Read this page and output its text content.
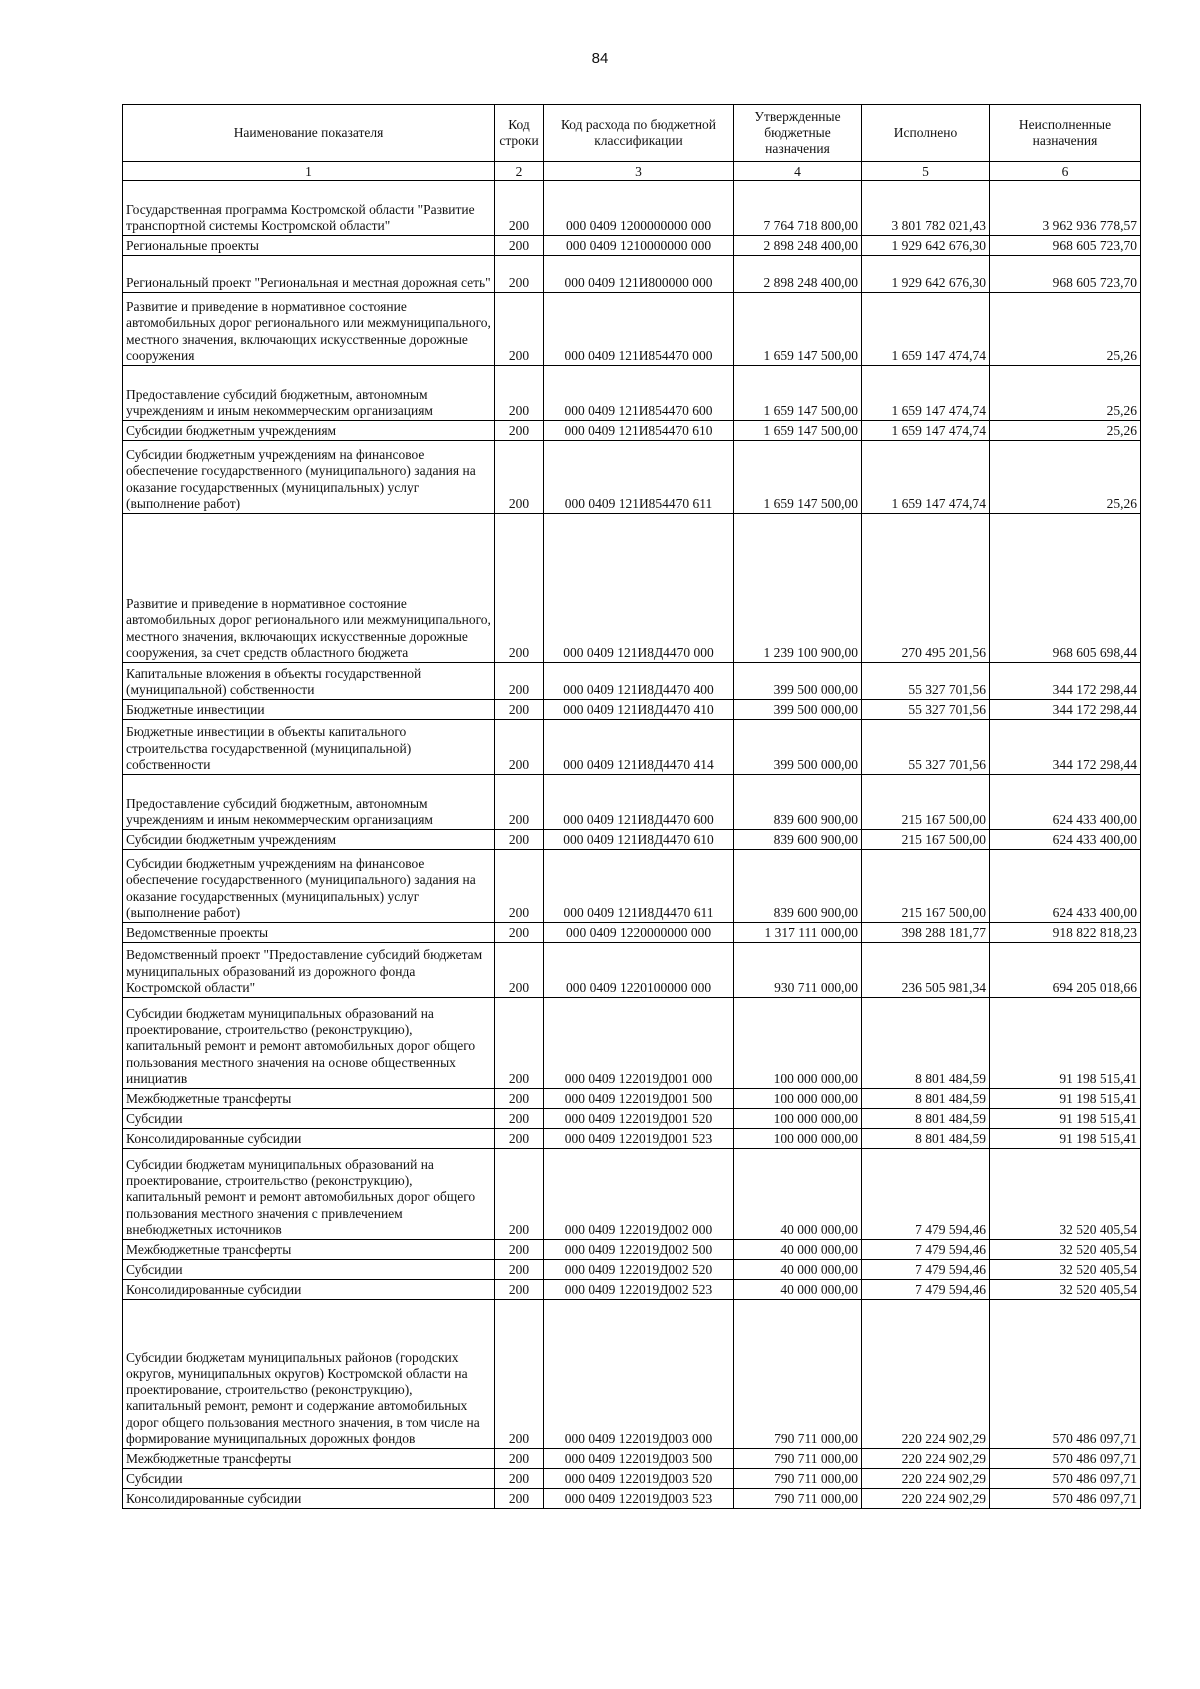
84
Наименование показателя	Код строки	Код расхода по бюджетной классификации	Утвержденные бюджетные назначения	Исполнено	Неисполненные назначения
1	2	3	4	5	6
Государственная программа Костромской области "Развитие транспортной системы Костромской области"	200	000 0409 1200000000 000	7 764 718 800,00	3 801 782 021,43	3 962 936 778,57
Региональные проекты	200	000 0409 1210000000 000	2 898 248 400,00	1 929 642 676,30	968 605 723,70
Региональный проект "Региональная и местная дорожная сеть"	200	000 0409 121И800000 000	2 898 248 400,00	1 929 642 676,30	968 605 723,70
Развитие и приведение в нормативное состояние автомобильных дорог регионального или межмуниципального, местного значения, включающих искусственные дорожные сооружения	200	000 0409 121И854470 000	1 659 147 500,00	1 659 147 474,74	25,26
Предоставление субсидий бюджетным, автономным учреждениям и иным некоммерческим организациям	200	000 0409 121И854470 600	1 659 147 500,00	1 659 147 474,74	25,26
Субсидии бюджетным учреждениям	200	000 0409 121И854470 610	1 659 147 500,00	1 659 147 474,74	25,26
Субсидии бюджетным учреждениям на финансовое обеспечение государственного (муниципального) задания на оказание государственных (муниципальных) услуг (выполнение работ)	200	000 0409 121И854470 611	1 659 147 500,00	1 659 147 474,74	25,26
Развитие и приведение в нормативное состояние автомобильных дорог регионального или межмуниципального, местного значения, включающих искусственные дорожные сооружения, за счет средств областного бюджета	200	000 0409 121И8Д4470 000	1 239 100 900,00	270 495 201,56	968 605 698,44
Капитальные вложения в объекты государственной (муниципальной) собственности	200	000 0409 121И8Д4470 400	399 500 000,00	55 327 701,56	344 172 298,44
Бюджетные инвестиции	200	000 0409 121И8Д4470 410	399 500 000,00	55 327 701,56	344 172 298,44
Бюджетные инвестиции в объекты капитального строительства государственной (муниципальной) собственности	200	000 0409 121И8Д4470 414	399 500 000,00	55 327 701,56	344 172 298,44
Предоставление субсидий бюджетным, автономным учреждениям и иным некоммерческим организациям	200	000 0409 121И8Д4470 600	839 600 900,00	215 167 500,00	624 433 400,00
Субсидии бюджетным учреждениям	200	000 0409 121И8Д4470 610	839 600 900,00	215 167 500,00	624 433 400,00
Субсидии бюджетным учреждениям на финансовое обеспечение государственного (муниципального) задания на оказание государственных (муниципальных) услуг (выполнение работ)	200	000 0409 121И8Д4470 611	839 600 900,00	215 167 500,00	624 433 400,00
Ведомственные проекты	200	000 0409 1220000000 000	1 317 111 000,00	398 288 181,77	918 822 818,23
Ведомственный проект "Предоставление субсидий бюджетам муниципальных образований из дорожного фонда Костромской области"	200	000 0409 1220100000 000	930 711 000,00	236 505 981,34	694 205 018,66
Субсидии бюджетам муниципальных образований на проектирование, строительство (реконструкцию), капитальный ремонт и ремонт автомобильных дорог общего пользования местного значения на основе общественных инициатив	200	000 0409 122019Д001 000	100 000 000,00	8 801 484,59	91 198 515,41
Межбюджетные трансферты	200	000 0409 122019Д001 500	100 000 000,00	8 801 484,59	91 198 515,41
Субсидии	200	000 0409 122019Д001 520	100 000 000,00	8 801 484,59	91 198 515,41
Консолидированные субсидии	200	000 0409 122019Д001 523	100 000 000,00	8 801 484,59	91 198 515,41
Субсидии бюджетам муниципальных образований на проектирование, строительство (реконструкцию), капитальный ремонт и ремонт автомобильных дорог общего пользования местного значения с привлечением внебюджетных источников	200	000 0409 122019Д002 000	40 000 000,00	7 479 594,46	32 520 405,54
Межбюджетные трансферты	200	000 0409 122019Д002 500	40 000 000,00	7 479 594,46	32 520 405,54
Субсидии	200	000 0409 122019Д002 520	40 000 000,00	7 479 594,46	32 520 405,54
Консолидированные субсидии	200	000 0409 122019Д002 523	40 000 000,00	7 479 594,46	32 520 405,54
Субсидии бюджетам муниципальных районов (городских округов, муниципальных округов) Костромской области на проектирование, строительство (реконструкцию), капитальный ремонт, ремонт и содержание автомобильных дорог общего пользования местного значения, в том числе на формирование муниципальных дорожных фондов	200	000 0409 122019Д003 000	790 711 000,00	220 224 902,29	570 486 097,71
Межбюджетные трансферты	200	000 0409 122019Д003 500	790 711 000,00	220 224 902,29	570 486 097,71
Субсидии	200	000 0409 122019Д003 520	790 711 000,00	220 224 902,29	570 486 097,71
Консолидированные субсидии	200	000 0409 122019Д003 523	790 711 000,00	220 224 902,29	570 486 097,71
